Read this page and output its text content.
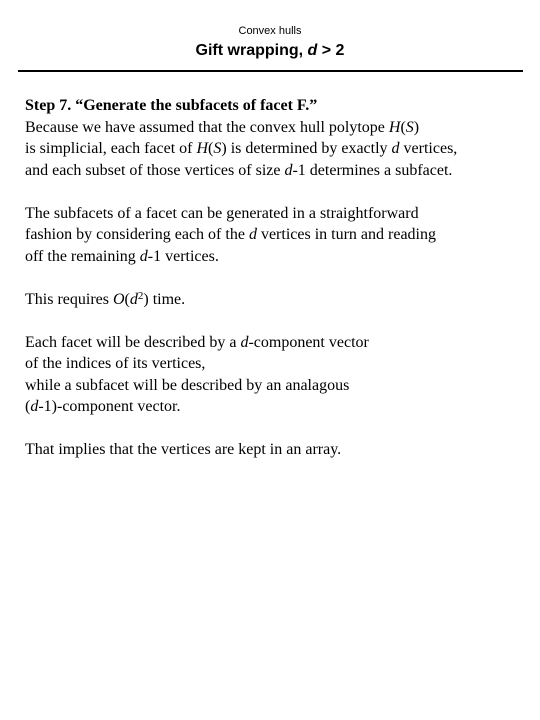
Convex hulls
Gift wrapping, d > 2
Step 7. “Generate the subfacets of facet F.”
Because we have assumed that the convex hull polytope H(S)
is simplicial, each facet of H(S) is determined by exactly d vertices,
and each subset of those vertices of size d-1 determines a subfacet.
The subfacets of a facet can be generated in a straightforward
fashion by considering each of the d vertices in turn and reading
off the remaining d-1 vertices.
This requires $O(d^2)$ time.
Each facet will be described by a d-component vector
of the indices of its vertices,
while a subfacet will be described by an analagous
(d-1)-component vector.
That implies that the vertices are kept in an array.
